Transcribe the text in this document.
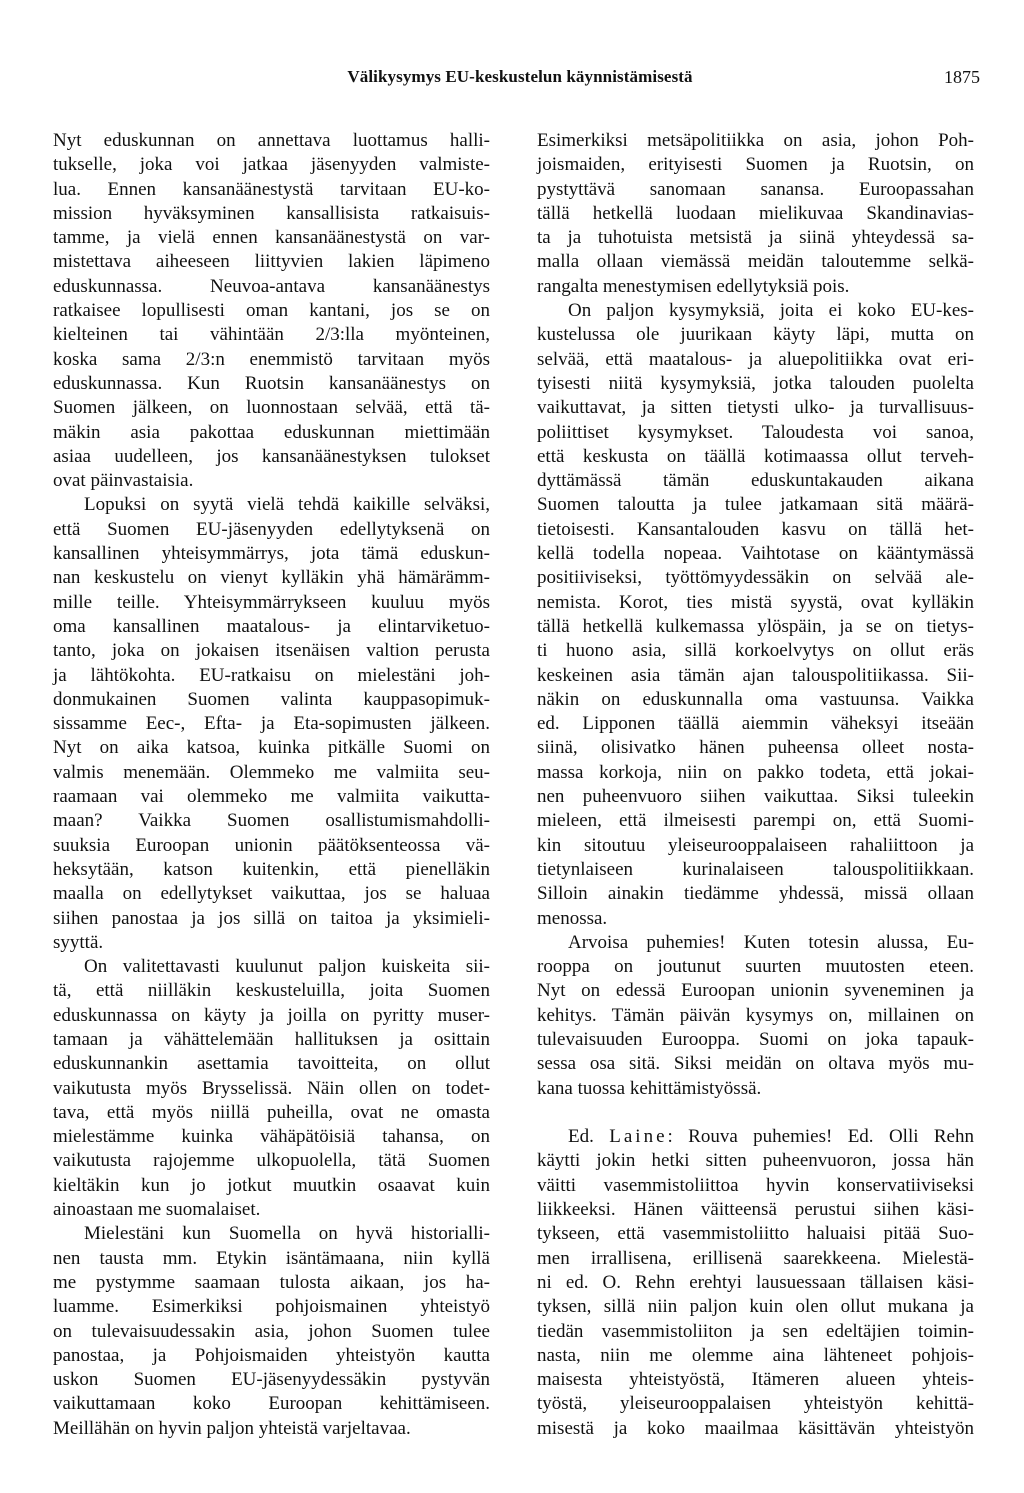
Välikysymys EU-keskustelun käynnistämisestä	1875
Nyt eduskunnan on annettava luottamus halli-
tukselle, joka voi jatkaa jäsenyyden valmiste-
lua. Ennen kansanäänestystä tarvitaan EU-ko-
mission hyväksyminen kansallisista ratkaisuis-
tamme, ja vielä ennen kansanäänestystä on var-
mistettava aiheeseen liittyvien lakien läpimeno
eduskunnassa. Neuvoa-antava kansanäänestys
ratkaisee lopullisesti oman kantani, jos se on
kielteinen tai vähintään 2/3:lla myönteinen,
koska sama 2/3:n enemmistö tarvitaan myös
eduskunnassa. Kun Ruotsin kansanäänestys on
Suomen jälkeen, on luonnostaan selvää, että tä-
mäkin asia pakottaa eduskunnan miettimään
asiaa uudelleen, jos kansanäänestyksen tulokset
ovat päinvastaisia.
Lopuksi on syytä vielä tehdä kaikille selväksi,
että Suomen EU-jäsenyyden edellytyksenä on
kansallinen yhteisymmärrys, jota tämä eduskun-
nan keskustelu on vienyt kylläkin yhä hämärämm-
mille teille. Yhteisymmärrykseen kuuluu myös
oma kansallinen maatalous- ja elintarviketuo-
tanto, joka on jokaisen itsenäisen valtion perusta
ja lähtökohta. EU-ratkaisu on mielestäni joh-
donmukainen Suomen valinta kauppasopimuk-
sissamme Eec-, Efta- ja Eta-sopimusten jälkeen.
Nyt on aika katsoa, kuinka pitkälle Suomi on
valmis menemään. Olemmeko me valmiita seu-
raamaan vai olemmeko me valmiita vaikutta-
maan? Vaikka Suomen osallistumismahdolli-
suuksia Euroopan unionin päätöksenteossa vä-
heksytään, katson kuitenkin, että pienelläkin
maalla on edellytykset vaikuttaa, jos se haluaa
siihen panostaa ja jos sillä on taitoa ja yksimieli-
syyttä.
On valitettavasti kuulunut paljon kuiskeita sii-
tä, että niilläkin keskusteluilla, joita Suomen
eduskunnassa on käyty ja joilla on pyritty muser-
tamaan ja vähättelemään hallituksen ja osittain
eduskunnankin asettamia tavoitteita, on ollut
vaikutusta myös Brysselissä. Näin ollen on todet-
tava, että myös niillä puheilla, ovat ne omasta
mielestämme kuinka vähäpätöisiä tahansa, on
vaikutusta rajojemme ulkopuolella, tätä Suomen
kieltäkin kun jo jotkut muutkin osaavat kuin
ainoastaan me suomalaiset.
Mielestäni kun Suomella on hyvä historialli-
nen tausta mm. Etykin isäntämaana, niin kyllä
me pystymme saamaan tulosta aikaan, jos ha-
luamme. Esimerkiksi pohjoismainen yhteistyö
on tulevaisuudessakin asia, johon Suomen tulee
panostaa, ja Pohjoismaiden yhteistyön kautta
uskon Suomen EU-jäsenyydessäkin pystyvän
vaikuttamaan koko Euroopan kehittämiseen.
Meillähän on hyvin paljon yhteistä varjeltavaa.
Esimerkiksi metsäpolitiikka on asia, johon Poh-
joismaiden, erityisesti Suomen ja Ruotsin, on
pystyttävä sanomaan sanansa. Euroopassahan
tällä hetkellä luodaan mielikuvaa Skandinavias-
ta ja tuhotuista metsistä ja siinä yhteydessä sa-
malla ollaan viemässä meidän taloutemme selkä-
rangalta menestymisen edellytyksiä pois.
On paljon kysymyksiä, joita ei koko EU-kes-
kustelussa ole juurikaan käyty läpi, mutta on
selvää, että maatalous- ja aluepolitiikka ovat eri-
tyisesti niitä kysymyksiä, jotka talouden puolelta
vaikuttavat, ja sitten tietysti ulko- ja turvallisuus-
poliittiset kysymykset. Taloudesta voi sanoa,
että keskusta on täällä kotimaassa ollut terveh-
dyttämässä tämän eduskuntakauden aikana
Suomen taloutta ja tulee jatkamaan sitä määrä-
tietoisesti. Kansantalouden kasvu on tällä het-
kellä todella nopeaa. Vaihtotase on kääntymässä
positiiviseksi, työttömyydessäkin on selvää ale-
nemista. Korot, ties mistä syystä, ovat kylläkin
tällä hetkellä kulkemassa ylöspäin, ja se on tietys-
ti huono asia, sillä korkoelvytys on ollut eräs
keskeinen asia tämän ajan talouspolitiikassa. Sii-
näkin on eduskunnalla oma vastuunsa. Vaikka
ed. Lipponen täällä aiemmin väheksyi itseään
siinä, olisivatko hänen puheensa olleet nosta-
massa korkoja, niin on pakko todeta, että jokai-
nen puheenvuoro siihen vaikuttaa. Siksi tuleekin
mieleen, että ilmeisesti parempi on, että Suomi-
kin sitoutuu yleiseurooppalaiseen rahaliittoon ja
tietynlaiseen kurinalaiseen talouspolitiikkaan.
Silloin ainakin tiedämme yhdessä, missä ollaan
menossa.
Arvoisa puhemies! Kuten totesin alussa, Eu-
rooppa on joutunut suurten muutosten eteen.
Nyt on edessä Euroopan unionin syveneminen ja
kehitys. Tämän päivän kysymys on, millainen on
tulevaisuuden Eurooppa. Suomi on joka tapauk-
sessa osa sitä. Siksi meidän on oltava myös mu-
kana tuossa kehittämistyössä.
Ed. Laine: Rouva puhemies! Ed. Olli Rehn
käytti jokin hetki sitten puheenvuoron, jossa hän
väitti vasemmistoliittoa hyvin konservatiiviseksi
liikkeeksi. Hänen väitteensä perustui siihen käsi-
tykseen, että vasemmistoliitto haluaisi pitää Suo-
men irrallisena, erillisenä saarekkeena. Mielestä-
ni ed. O. Rehn erehtyi lausuessaan tällaisen käsi-
tyksen, sillä niin paljon kuin olen ollut mukana ja
tiedän vasemmistoliiton ja sen edeltäjien toimin-
nasta, niin me olemme aina lähteneet pohjois-
maisesta yhteistyöstä, Itämeren alueen yhteis-
työstä, yleiseurooppalaisen yhteistyön kehittä-
misestä ja koko maailmaa käsittävän yhteistyön
